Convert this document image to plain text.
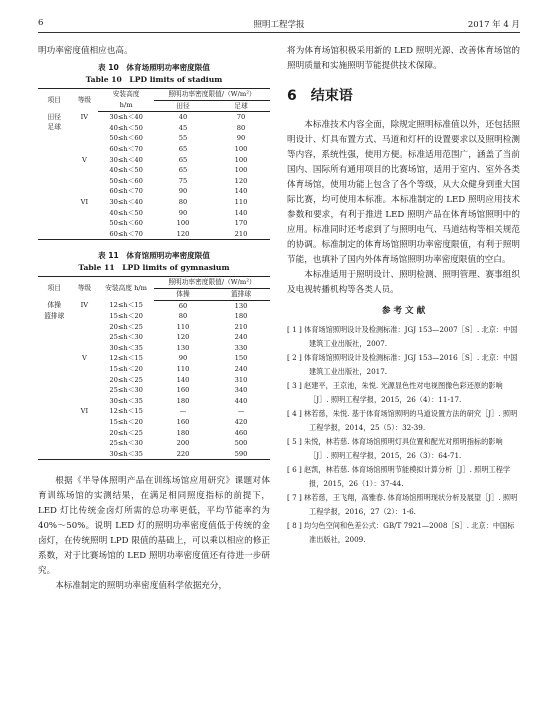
6	照明工程学报	2017 年 4 月

明功率密度值相应也高。

表 10　体育场照明功率密度限值
Table 10　LPD limits of stadium
项目	等级	安装高度	照明功率密度限值/（W/m²）	
		h/m	田径	足球

田径
足球	IV	30≤h＜40	40	70
		40≤h＜50	45	80
		50≤h＜60	55	90
		60≤h＜70	65	100
	V	30≤h＜40	65	100
		40≤h＜50	65	100
		50≤h＜60	75	120
		60≤h＜70	90	140
	VI	30≤h＜40	80	110
		40≤h＜50	90	140
		50≤h＜60	100	170
		60≤h＜70	120	210
表 11　体育馆照明功率密度限值
Table 11　LPD limits of gymnasium
项目	等级	安装高度 h/m	照明功率密度限值/（W/m²）	
			体操	篮排球

体操
篮排球	IV	12≤h＜15	60	130
		15≤h＜20	80	180
		20≤h＜25	110	210
		25≤h＜30	120	240
		30≤h＜35	130	330
	V	12≤h＜15	90	150
		15≤h＜20	110	240
		20≤h＜25	140	310
		25≤h＜30	160	340
		30≤h＜35	180	440
	VI	12≤h＜15	—	—
		15≤h＜20	160	420
		20≤h＜25	180	460
		25≤h＜30	200	500
		30≤h＜35	220	590

根据《半导体照明产品在训练场馆应用研究》课题对体育训练场馆的实测结果，在满足相同照度指标的前提下，LED 灯比传统金卤灯所需的总功率更低，平均节能率约为 40%～50%。说明 LED 灯的照明功率密度值低于传统的金卤灯，在传统照明 LPD 限值的基础上，可以乘以相应的修正系数，对于比赛场馆的 LED 照明功率密度值还有待进一步研究。

本标准制定的照明功率密度值科学依据充分，

将为体育场馆积极采用新的 LED 照明光源、改善体育场馆的照明质量和实施照明节能提供技术保障。

6 结束语

本标准技术内容全面，除规定照明标准值以外，还包括照明设计、灯具布置方式、马道和灯杆的设置要求以及照明检测等内容，系统性强，使用方便。标准适用范围广，涵盖了当前国内、国际所有通用项目的比赛场馆，适用于室内、室外各类体育场馆，使用功能上包含了各个等级，从大众健身到重大国际比赛，均可使用本标准。本标准制定的 LED 照明应用技术参数和要求，有利于推进 LED 照明产品在体育场馆照明中的应用。标准同时还考虑到了与照明电气、马道结构等相关规范的协调。标准制定的体育场馆照明功率密度限值，有利于照明节能，也填补了国内外体育场馆照明功率密度限值的空白。

本标准适用于照明设计、照明检测、照明管理、赛事组织及电视转播机构等各类人员。

参 考 文 献
[ 1 ] 体育场馆照明设计及检测标准：JGJ 153—2007［S］. 北京：中国建筑工业出版社，2007.
[ 2 ] 体育场馆照明设计及检测标准：JGJ 153—2016［S］. 北京：中国建筑工业出版社，2017.
[ 3 ] 赵建平，王京池，朱悦. 光源显色性对电视图像色彩还原的影响［J］. 照明工程学报，2015，26（4）：11-17.
[ 4 ] 林若慈，朱悦. 基于体育场馆照明的马道设置方法的研究［J］. 照明工程学报，2014，25（5）：32-39.
[ 5 ] 朱悦，林若慈. 体育场馆照明灯具位置和配光对照明指标的影响［J］. 照明工程学报，2015，26（3）：64-71.
[ 6 ] 赵凯，林若慈. 体育场馆照明节能模拟计算分析［J］. 照明工程学报，2015，26（1）：37-44.
[ 7 ] 林若慈，王飞翔，高雅春. 体育场馆照明现状分析及展望［J］. 照明工程学报，2016，27（2）：1-6.
[ 8 ] 均匀色空间和色差公式：GB/T 7921—2008［S］. 北京：中国标准出版社，2009.
